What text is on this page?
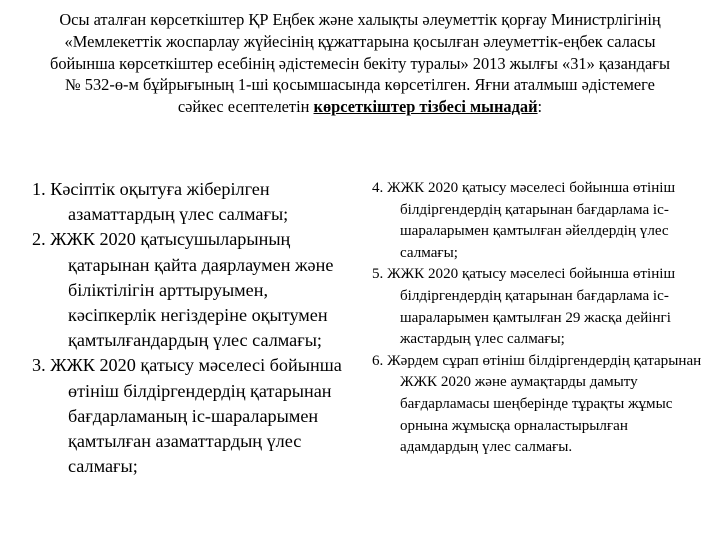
Осы аталған көрсеткіштер ҚР Еңбек және халықты әлеуметтік қорғау Министрлігінің «Мемлекеттік жоспарлау жүйесінің құжаттарына қосылған әлеуметтік-еңбек саласы бойынша көрсеткіштер есебінің әдістемесін бекіту туралы» 2013 жылғы «31» қазандағы № 532-ө-м бұйрығының 1-ші қосымшасында көрсетілген. Яғни аталмыш әдістемеге сәйкес есептелетін көрсеткіштер тізбесі мынадай:

1. Кәсіптік оқытуға жіберілген азаматтардың үлес салмағы;

2. ЖЖК 2020 қатысушыларының қатарынан қайта даярлаумен және біліктілігін арттыруымен, кәсіпкерлік негіздеріне оқытумен қамтылғандардың үлес салмағы;

3. ЖЖК 2020 қатысу мәселесі бойынша өтініш білдіргендердің қатарынан бағдарламаның іс-шараларымен қамтылған азаматтардың үлес салмағы;

4. ЖЖК 2020 қатысу мәселесі бойынша өтініш білдіргендердің қатарынан бағдарлама іс-шараларымен қамтылған әйелдердің үлес салмағы;

5. ЖЖК 2020 қатысу мәселесі бойынша өтініш білдіргендердің қатарынан бағдарлама іс-шараларымен қамтылған 29 жасқа дейінгі жастардың үлес салмағы;

6. Жәрдем сұрап өтініш білдіргендердің қатарынан ЖЖК 2020 және аумақтарды дамыту бағдарламасы шеңберінде тұрақты жұмыс орнына жұмысқа орналастырылған адамдардың үлес салмағы.
